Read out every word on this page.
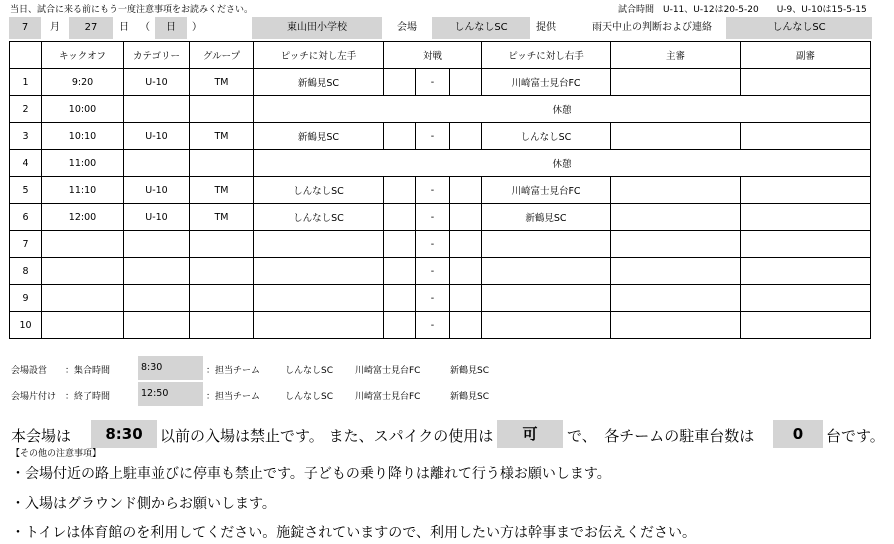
当日、試合に来る前にもう一度注意事項をお読みください。	試合時間　U-11、U-12は20-5-20　　U-9、U-10は15-5-15
7	月	27	日	（	日	）	東山田小学校	会場	しんなしSC	提供	雨天中止の判断および連絡	しんなしSC
	キックオフ	カテゴリー	グループ	ピッチに対し左手	対戦			ピッチに対し右手	主審	副審
1	9:20	U-10	TM	新鶴見SC		-		川崎富士見台FC		
2	10:00			休憩						
3	10:10	U-10	TM	新鶴見SC		-		しんなしSC		
4	11:00			休憩						
5	11:10	U-10	TM	しんなしSC		-		川崎富士見台FC		
6	12:00	U-10	TM	しんなしSC		-		新鶴見SC		
7						-				
8						-				
9						-				
10						-				
会場設営 ：集合時間	8:30	：担当チーム	しんなしSC 川崎富士見台FC	新鶴見SC
会場片付け ：終了時間	12:50	：担当チーム	しんなしSC 川崎富士見台FC	新鶴見SC
本会場は	8:30	以前の入場は禁止です。 また、スパイクの使用は	可	で、　各チームの駐車台数は	0	台です。
【その他の注意事項】
・会場付近の路上駐車並びに停車も禁止です。子どもの乗り降りは離れて行う様お願いします。
・入場はグラウンド側からお願いします。
・トイレは体育館のを利用してください。施錠されていますので、利用したい方は幹事までお伝えください。
